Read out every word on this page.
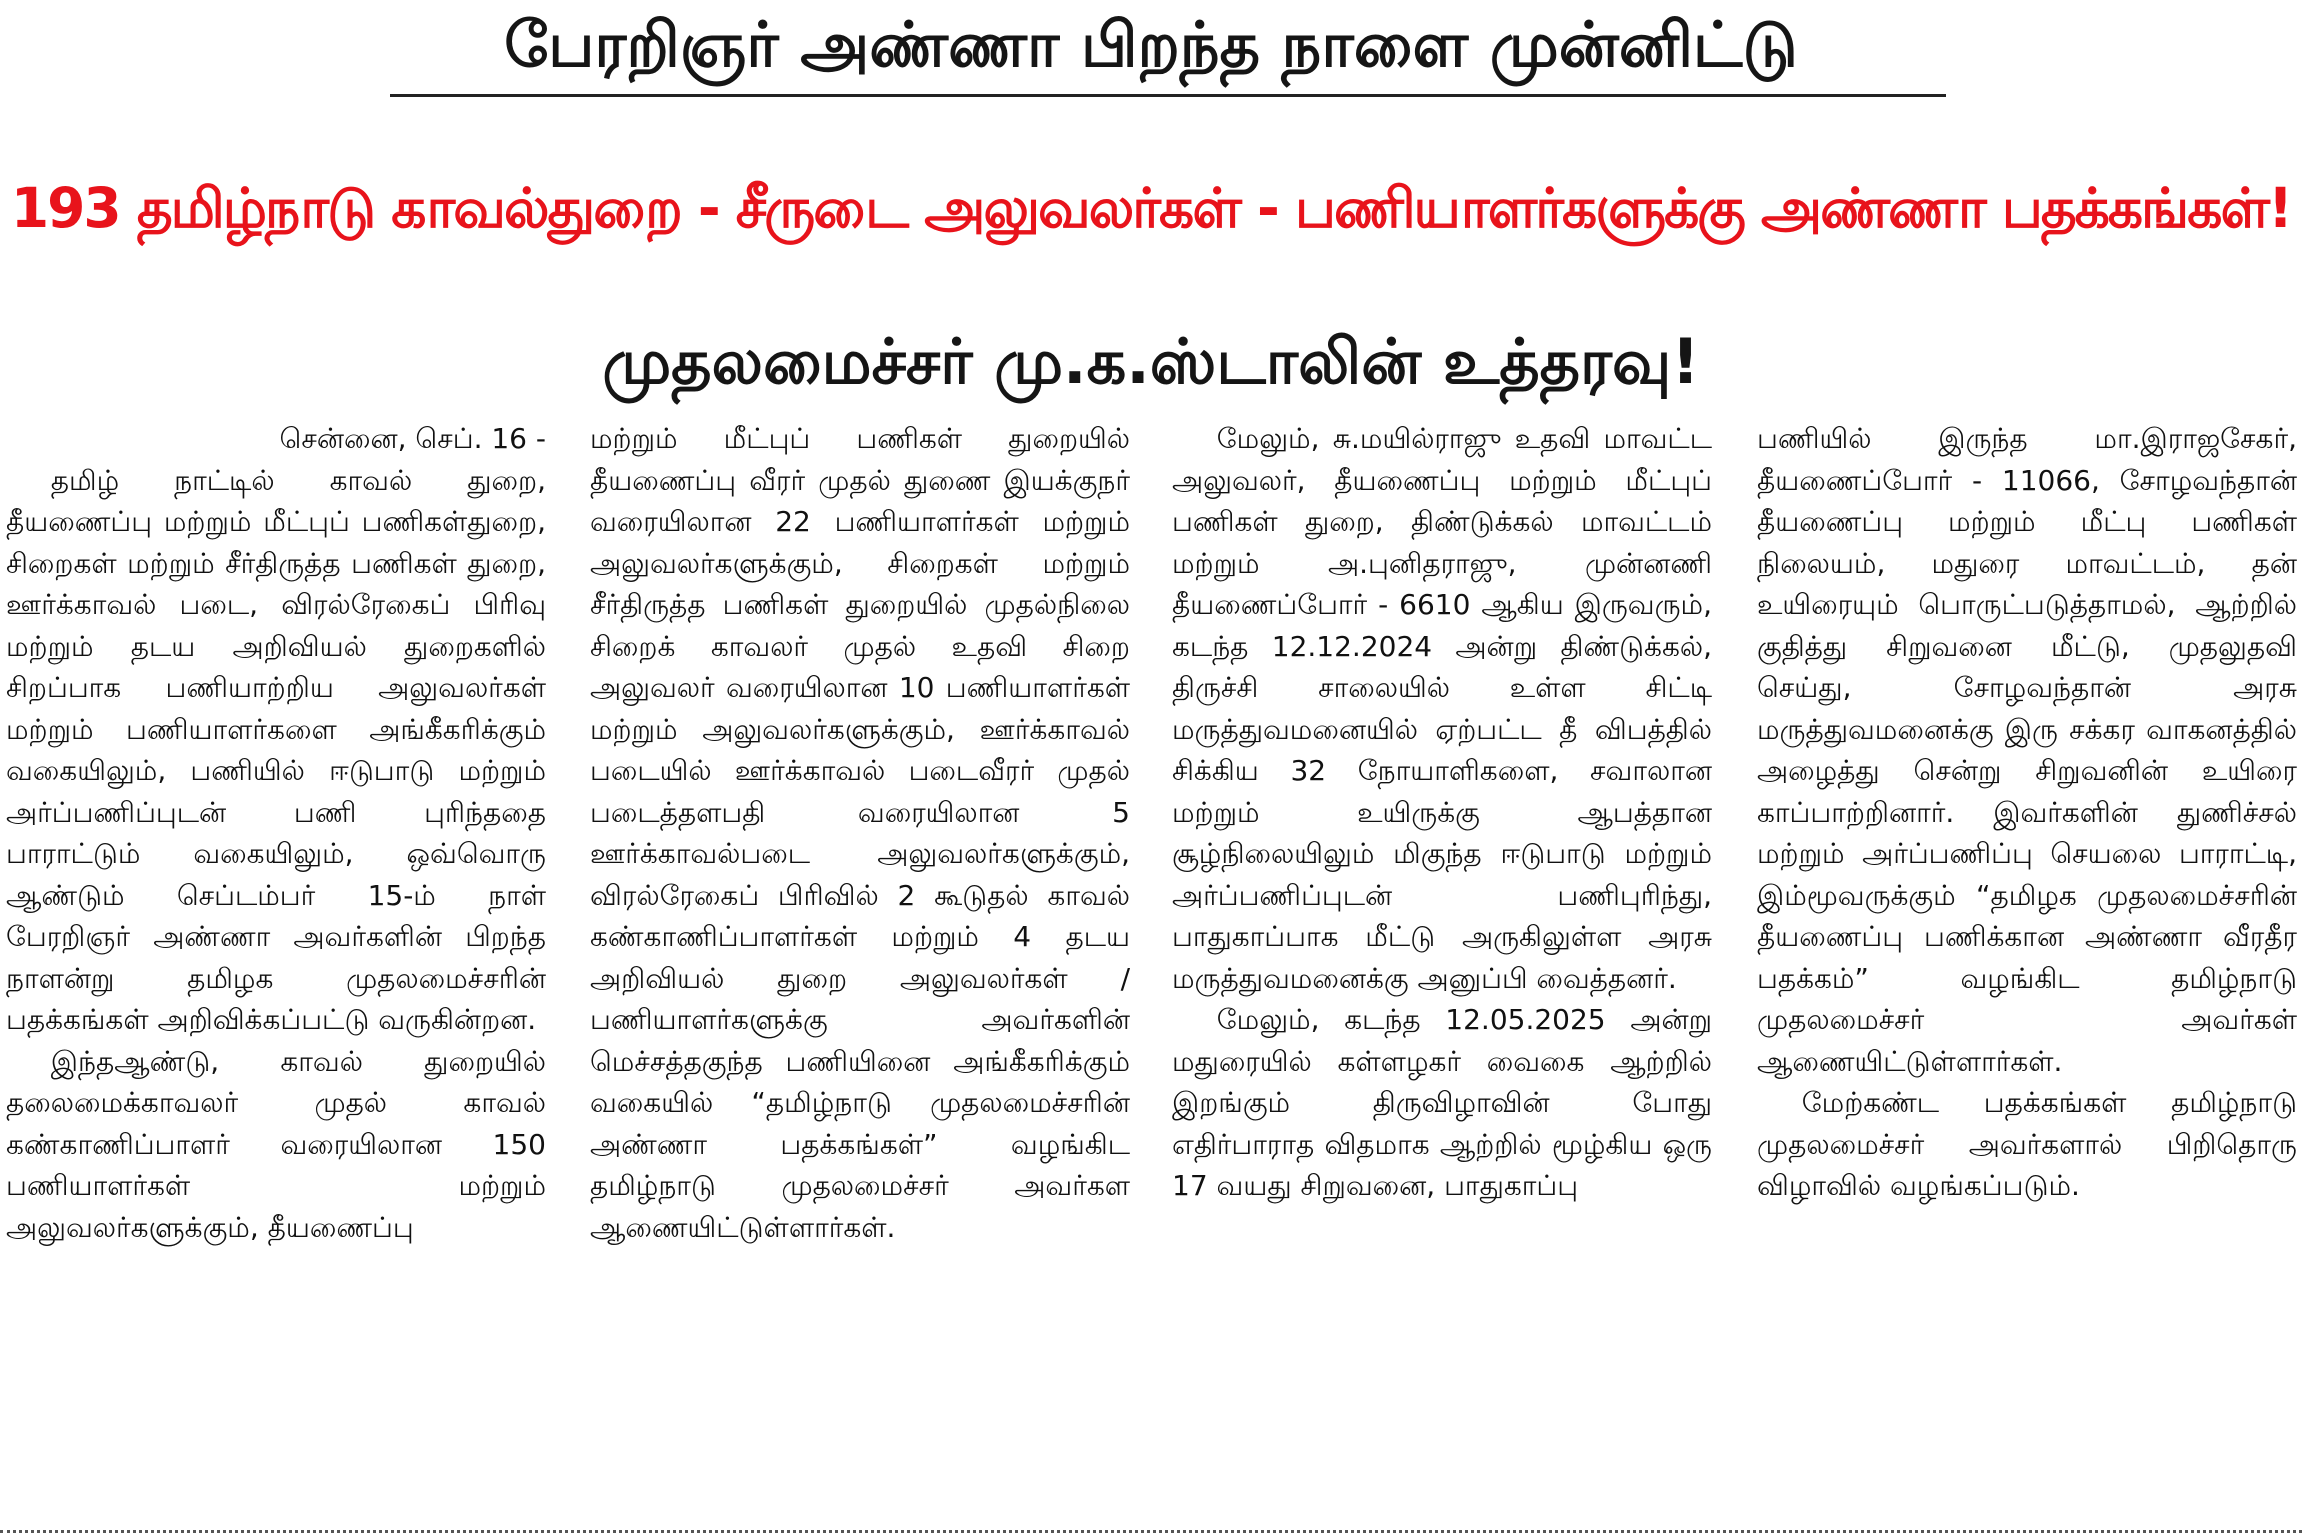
பேரறிஞர் அண்ணா பிறந்த நாளை முன்னிட்டு
193 தமிழ்நாடு காவல்துறை - சீருடை அலுவலர்கள் - பணியாளர்களுக்கு அண்ணா பதக்கங்கள்!
முதலமைச்சர் மு.க.ஸ்டாலின் உத்தரவு!

சென்னை, செப். 16 -

தமிழ் நாட்டில் காவல் துறை, தீயணைப்பு மற்றும் மீட்புப் பணிகள்துறை, சிறைகள் மற்றும் சீர்திருத்த பணிகள் துறை, ஊர்க்காவல் படை, விரல்ரேகைப் பிரிவு மற்றும் தடய அறிவியல் துறைகளில் சிறப்பாக பணியாற்றிய அலுவலர்கள் மற்றும் பணியாளர்களை அங்கீகரிக்கும் வகையிலும், பணியில் ஈடுபாடு மற்றும் அர்ப்பணிப்புடன் பணி புரிந்ததை பாராட்டும் வகையிலும், ஒவ்வொரு ஆண்டும் செப்டம்பர் 15-ம் நாள் பேரறிஞர் அண்ணா அவர்களின் பிறந்த நாளன்று தமிழக முதலமைச்சரின் பதக்கங்கள் அறிவிக்கப்பட்டு வருகின்றன.

இந்தஆண்டு, காவல் துறையில் தலைமைக்காவலர் முதல் காவல் கண்காணிப்பாளர் வரையிலான 150 பணியாளர்கள் மற்றும் அலுவலர்களுக்கும், தீயணைப்பு

மற்றும் மீட்புப் பணிகள் துறையில் தீயணைப்பு வீரர் முதல் துணை இயக்குநர் வரையிலான 22 பணியாளர்கள் மற்றும் அலுவலர்களுக்கும், சிறைகள் மற்றும் சீர்திருத்த பணிகள் துறையில் முதல்நிலை சிறைக் காவலர் முதல் உதவி சிறை அலுவலர் வரையிலான 10 பணியாளர்கள் மற்றும் அலுவலர்களுக்கும், ஊர்க்காவல் படையில் ஊர்க்காவல் படைவீரர் முதல் படைத்தளபதி வரையிலான 5 ஊர்க்காவல்படை அலுவலர்களுக்கும், விரல்ரேகைப் பிரிவில் 2 கூடுதல் காவல் கண்காணிப்பாளர்கள் மற்றும் 4 தடய அறிவியல் துறை அலுவலர்கள் / பணியாளர்களுக்கு அவர்களின் மெச்சத்தகுந்த பணியினை அங்கீகரிக்கும் வகையில் “தமிழ்நாடு முதலமைச்சரின் அண்ணா பதக்கங்கள்” வழங்கிட தமிழ்நாடு முதலமைச்சர் அவர்கள ஆணையிட்டுள்ளார்கள்.

மேலும், சு.மயில்ராஜு உதவி மாவட்ட அலுவலர், தீயணைப்பு மற்றும் மீட்புப் பணிகள் துறை, திண்டுக்கல் மாவட்டம் மற்றும் அ.புனிதராஜு, முன்னணி தீயணைப்போர் - 6610 ஆகிய இருவரும், கடந்த 12.12.2024 அன்று திண்டுக்கல், திருச்சி சாலையில் உள்ள சிட்டி மருத்துவமனையில் ஏற்பட்ட தீ விபத்தில் சிக்கிய 32 நோயாளிகளை, சவாலான மற்றும் உயிருக்கு ஆபத்தான சூழ்நிலையிலும் மிகுந்த ஈடுபாடு மற்றும் அர்ப்பணிப்புடன் பணிபுரிந்து, பாதுகாப்பாக மீட்டு அருகிலுள்ள அரசு மருத்துவமனைக்கு அனுப்பி வைத்தனர்.

மேலும், கடந்த 12.05.2025 அன்று மதுரையில் கள்ளழகர் வைகை ஆற்றில் இறங்கும் திருவிழாவின் போது எதிர்பாராத விதமாக ஆற்றில் மூழ்கிய ஒரு 17 வயது சிறுவனை, பாதுகாப்பு

பணியில் இருந்த மா.இராஜசேகர், தீயணைப்போர் - 11066, சோழவந்தான் தீயணைப்பு மற்றும் மீட்பு பணிகள் நிலையம், மதுரை மாவட்டம், தன் உயிரையும் பொருட்படுத்தாமல், ஆற்றில் குதித்து சிறுவனை மீட்டு, முதலுதவி செய்து, சோழவந்தான் அரசு மருத்துவமனைக்கு இரு சக்கர வாகனத்தில் அழைத்து சென்று சிறுவனின் உயிரை காப்பாற்றினார். இவர்களின் துணிச்சல் மற்றும் அர்ப்பணிப்பு செயலை பாராட்டி, இம்மூவருக்கும் “தமிழக முதலமைச்சரின் தீயணைப்பு பணிக்கான அண்ணா வீரதீர பதக்கம்” வழங்கிட தமிழ்நாடு முதலமைச்சர் அவர்கள் ஆணையிட்டுள்ளார்கள்.

மேற்கண்ட பதக்கங்கள் தமிழ்நாடு முதலமைச்சர் அவர்களால் பிறிதொரு விழாவில் வழங்கப்படும்.
